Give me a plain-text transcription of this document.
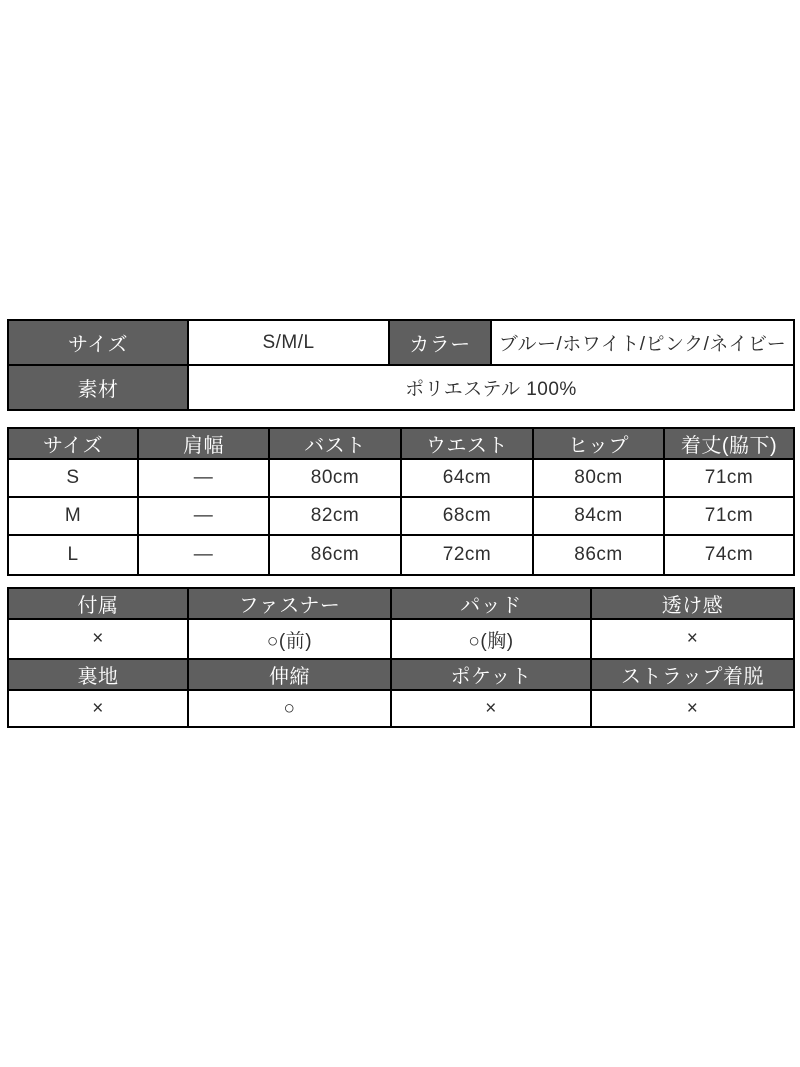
サイズ	S/M/L	カラー	ブルー/ホワイト/ピンク/ネイビー
素材	ポリエステル 100%		
サイズ	肩幅	バスト	ウエスト	ヒップ	着丈(脇下)
S	―	80cm	64cm	80cm	71cm
M	―	82cm	68cm	84cm	71cm
L	―	86cm	72cm	86cm	74cm
付属	ファスナー	パッド	透け感
×	○(前)	○(胸)	×
裏地	伸縮	ポケット	ストラップ着脱
×	○	×	×
